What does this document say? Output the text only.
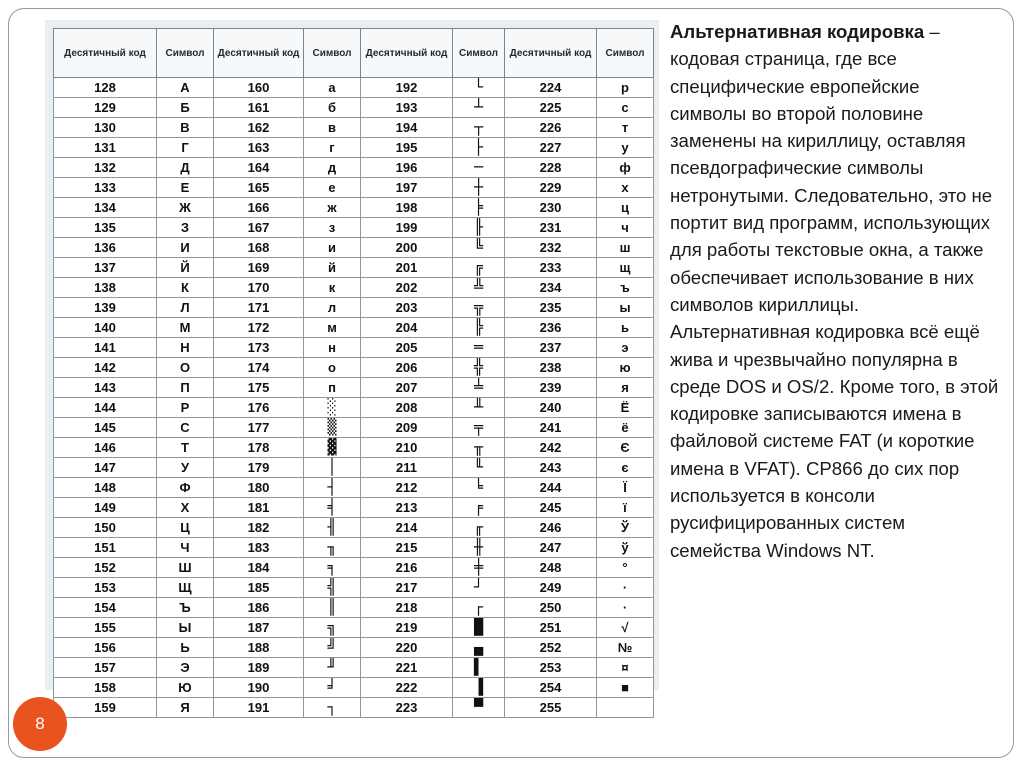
Десятичный код	Символ	Десятичный код	Символ	Десятичный код	Символ	Десятичный код	Символ
128	А	160	а	192	└	224	р
129	Б	161	б	193	┴	225	с
130	В	162	в	194	┬	226	т
131	Г	163	г	195	├	227	у
132	Д	164	д	196	─	228	ф
133	Е	165	е	197	┼	229	х
134	Ж	166	ж	198	╞	230	ц
135	З	167	з	199	╟	231	ч
136	И	168	и	200	╚	232	ш
137	Й	169	й	201	╔	233	щ
138	К	170	к	202	╩	234	ъ
139	Л	171	л	203	╦	235	ы
140	М	172	м	204	╠	236	ь
141	Н	173	н	205	═	237	э
142	О	174	о	206	╬	238	ю
143	П	175	п	207	╧	239	я
144	Р	176	░	208	╨	240	Ё
145	С	177	▒	209	╤	241	ё
146	Т	178	▓	210	╥	242	Є
147	У	179	│	211	╙	243	є
148	Ф	180	┤	212	╘	244	Ї
149	Х	181	╡	213	╒	245	ї
150	Ц	182	╢	214	╓	246	Ў
151	Ч	183	╖	215	╫	247	ў
152	Ш	184	╕	216	╪	248	°
153	Щ	185	╣	217	┘	249	·
154	Ъ	186	║	218	┌	250	·
155	Ы	187	╗	219	█	251	√
156	Ь	188	╝	220	▄	252	№
157	Э	189	╜	221	▌	253	¤
158	Ю	190	╛	222	▐	254	■
159	Я	191	┐	223	▀	255	
Альтернативная кодировка – кодовая страница, где все специфические европейские символы во второй половине заменены на кириллицу, оставляя псевдографические символы нетронутыми. Следовательно, это не портит вид программ, использующих для работы текстовые окна, а также обеспечивает использование в них символов кириллицы. Альтернативная кодировка всё ещё жива и чрезвычайно популярна в среде DOS и OS/2. Кроме того, в этой кодировке записываются имена в файловой системе FAT (и короткие имена в VFAT). CP866 до сих пор используется в консоли русифицированных систем семейства Windows NT.
8
